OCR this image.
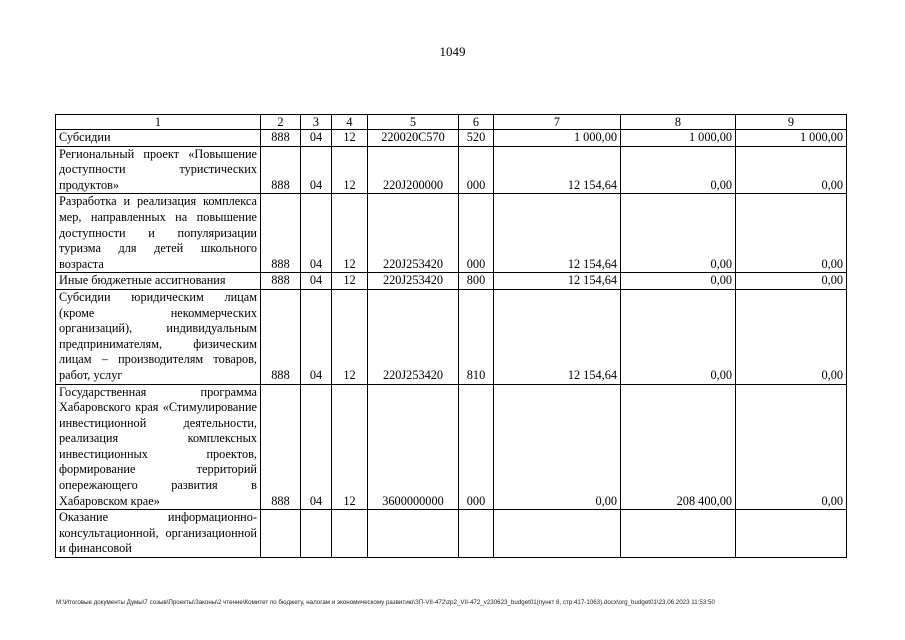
1049
1	2	3	4	5	6	7	8	9
Субсидии	888	04	12	220020С570	520	1 000,00	1 000,00	1 000,00
Региональный проект «Повышение доступности туристических продуктов»	888	04	12	220J200000	000	12 154,64	0,00	0,00
Разработка и реализация комплекса мер, направленных на повышение доступности и популяризации туризма для детей школьного возраста	888	04	12	220J253420	000	12 154,64	0,00	0,00
Иные бюджетные ассигнования	888	04	12	220J253420	800	12 154,64	0,00	0,00
Субсидии юридическим лицам (кроме некоммерческих организаций), индивидуальным предпринимателям, физическим лицам – производителям товаров, работ, услуг	888	04	12	220J253420	810	12 154,64	0,00	0,00
Государственная программа Хабаровского края «Стимулирование инвестиционной деятельности, реализация комплексных инвестиционных проектов, формирование территорий опережающего развития в Хабаровском крае»	888	04	12	3600000000	000	0,00	208 400,00	0,00
Оказание информационно-консультационной, организационной и финансовой								
M:\Итоговые документы Думы\7 созыв\Проекты\Законы\2 чтение\Комитет по бюджету, налогам и экономическому развитию\ЗП-VII-472\zp2_VII-472_v230623_budget01(пункт 8, стр.417-1063).docx\org_budget01\23.06.2023 11:53:50
